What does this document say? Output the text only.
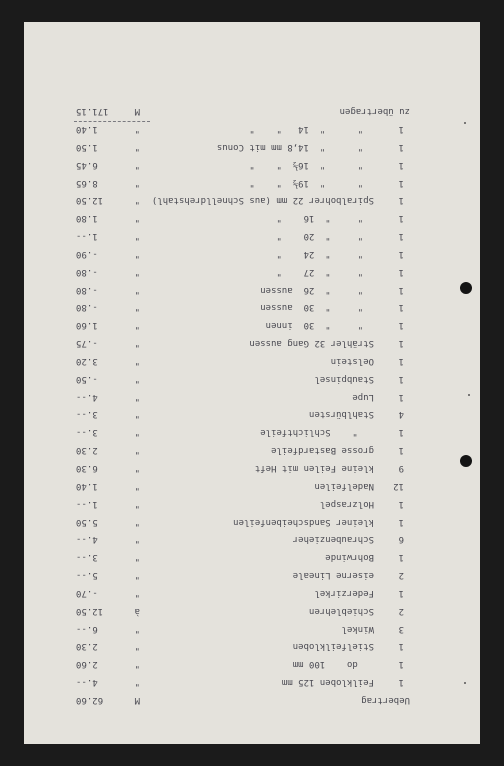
Uebertrag

M

62.60

1
Feilkloben 125 mm
"
4.--
1
do    100 mm
"
2.60
1
Stielfeilkloben
"
2.30
3
Winkel
"
6.--
2
Schieblehren
à
12.50
1
Federzirkel
"
-.70
2
eiserne Lineale
"
5.--
1
Bohrwinde
"
3.--
6
Schraubenzieher
"
4.--
1
kleiner Sandscheibenfeilen
"
5.50
1
Holzraspel
"
1.--
12
Nadelfeilen
"
1.40
9
kleine Feilen mit Heft
"
6.30
1
grosse Bastardfeile
"
2.30
1
"    Schlichtfeile
"
3.--
4
Stahlbürsten
"
3.--
1
Lupe
"
4.--
1
Staubpinsel
"
-.50
1
Oelstein
"
3.20
1
Strähler 32 Gang aussen
"
-.75
1
"     "  30  innen
"
1.60
1
"     "  30  aussen
"
-.80
1
"     "  26  aussen
"
-.80
1
"     "  27    "
"
-.80
1
"     "  24    "
"
-.90
1
"     "  20    "
"
1.--
1
"     "  16    "
"
1.80
1
Spiralbohrer 22 mm (aus Schnelldrehstahl)
"
12.50
1
"      "  19½  "    "
"
8.65
1
"      "  16½  "    "
"
6.45
1
"      "  14,8 mm mit Conus
"
1.50
1
"      "  14   "    "
"
1.40

zu übertragen

M

171.15
